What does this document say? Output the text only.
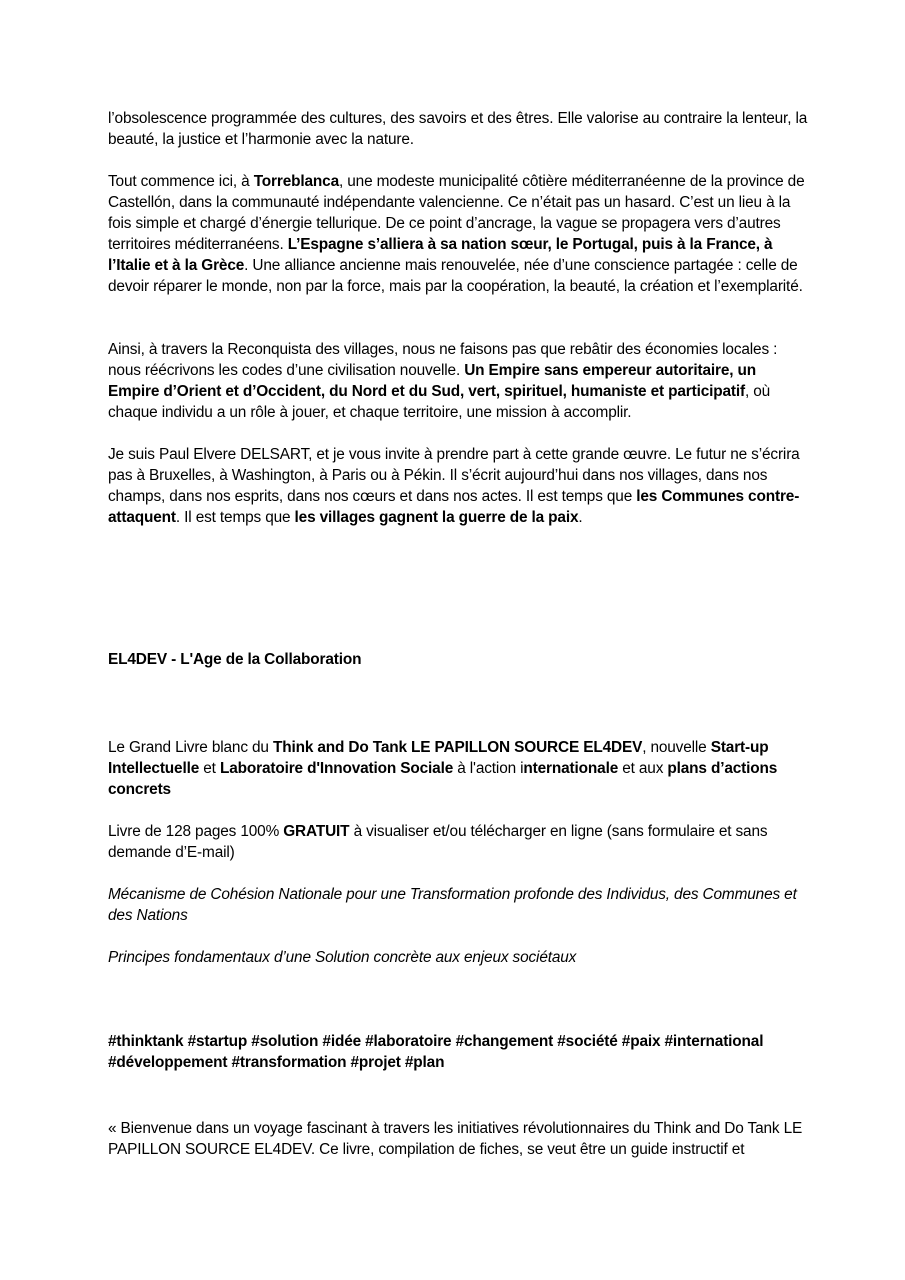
l’obsolescence programmée des cultures, des savoirs et des êtres. Elle valorise au contraire la lenteur, la beauté, la justice et l’harmonie avec la nature.

Tout commence ici, à Torreblanca, une modeste municipalité côtière méditerranéenne de la province de Castellón, dans la communauté indépendante valencienne. Ce n’était pas un hasard. C’est un lieu à la fois simple et chargé d’énergie tellurique. De ce point d’ancrage, la vague se propagera vers d’autres territoires méditerranéens. L’Espagne s’alliera à sa nation sœur, le Portugal, puis à la France, à l’Italie et à la Grèce. Une alliance ancienne mais renouvelée, née d’une conscience partagée : celle de devoir réparer le monde, non par la force, mais par la coopération, la beauté, la création et l’exemplarité.

Ainsi, à travers la Reconquista des villages, nous ne faisons pas que rebâtir des économies locales : nous réécrivons les codes d’une civilisation nouvelle. Un Empire sans empereur autoritaire, un Empire d’Orient et d’Occident, du Nord et du Sud, vert, spirituel, humaniste et participatif, où chaque individu a un rôle à jouer, et chaque territoire, une mission à accomplir.

Je suis Paul Elvere DELSART, et je vous invite à prendre part à cette grande œuvre. Le futur ne s’écrira pas à Bruxelles, à Washington, à Paris ou à Pékin. Il s’écrit aujourd’hui dans nos villages, dans nos champs, dans nos esprits, dans nos cœurs et dans nos actes. Il est temps que les Communes contre-attaquent. Il est temps que les villages gagnent la guerre de la paix.

EL4DEV - L'Age de la Collaboration

Le Grand Livre blanc du Think and Do Tank LE PAPILLON SOURCE EL4DEV, nouvelle Start-up Intellectuelle et Laboratoire d'Innovation Sociale à l'action internationale et aux plans d’actions concrets

Livre de 128 pages 100% GRATUIT à visualiser et/ou télécharger en ligne (sans formulaire et sans demande d’E-mail)

Mécanisme de Cohésion Nationale pour une Transformation profonde des Individus, des Communes et des Nations

Principes fondamentaux d’une Solution concrète aux enjeux sociétaux

#thinktank #startup #solution #idée #laboratoire #changement #société #paix #international #développement #transformation #projet #plan

« Bienvenue dans un voyage fascinant à travers les initiatives révolutionnaires du Think and Do Tank LE PAPILLON SOURCE EL4DEV. Ce livre, compilation de fiches, se veut être un guide instructif et
